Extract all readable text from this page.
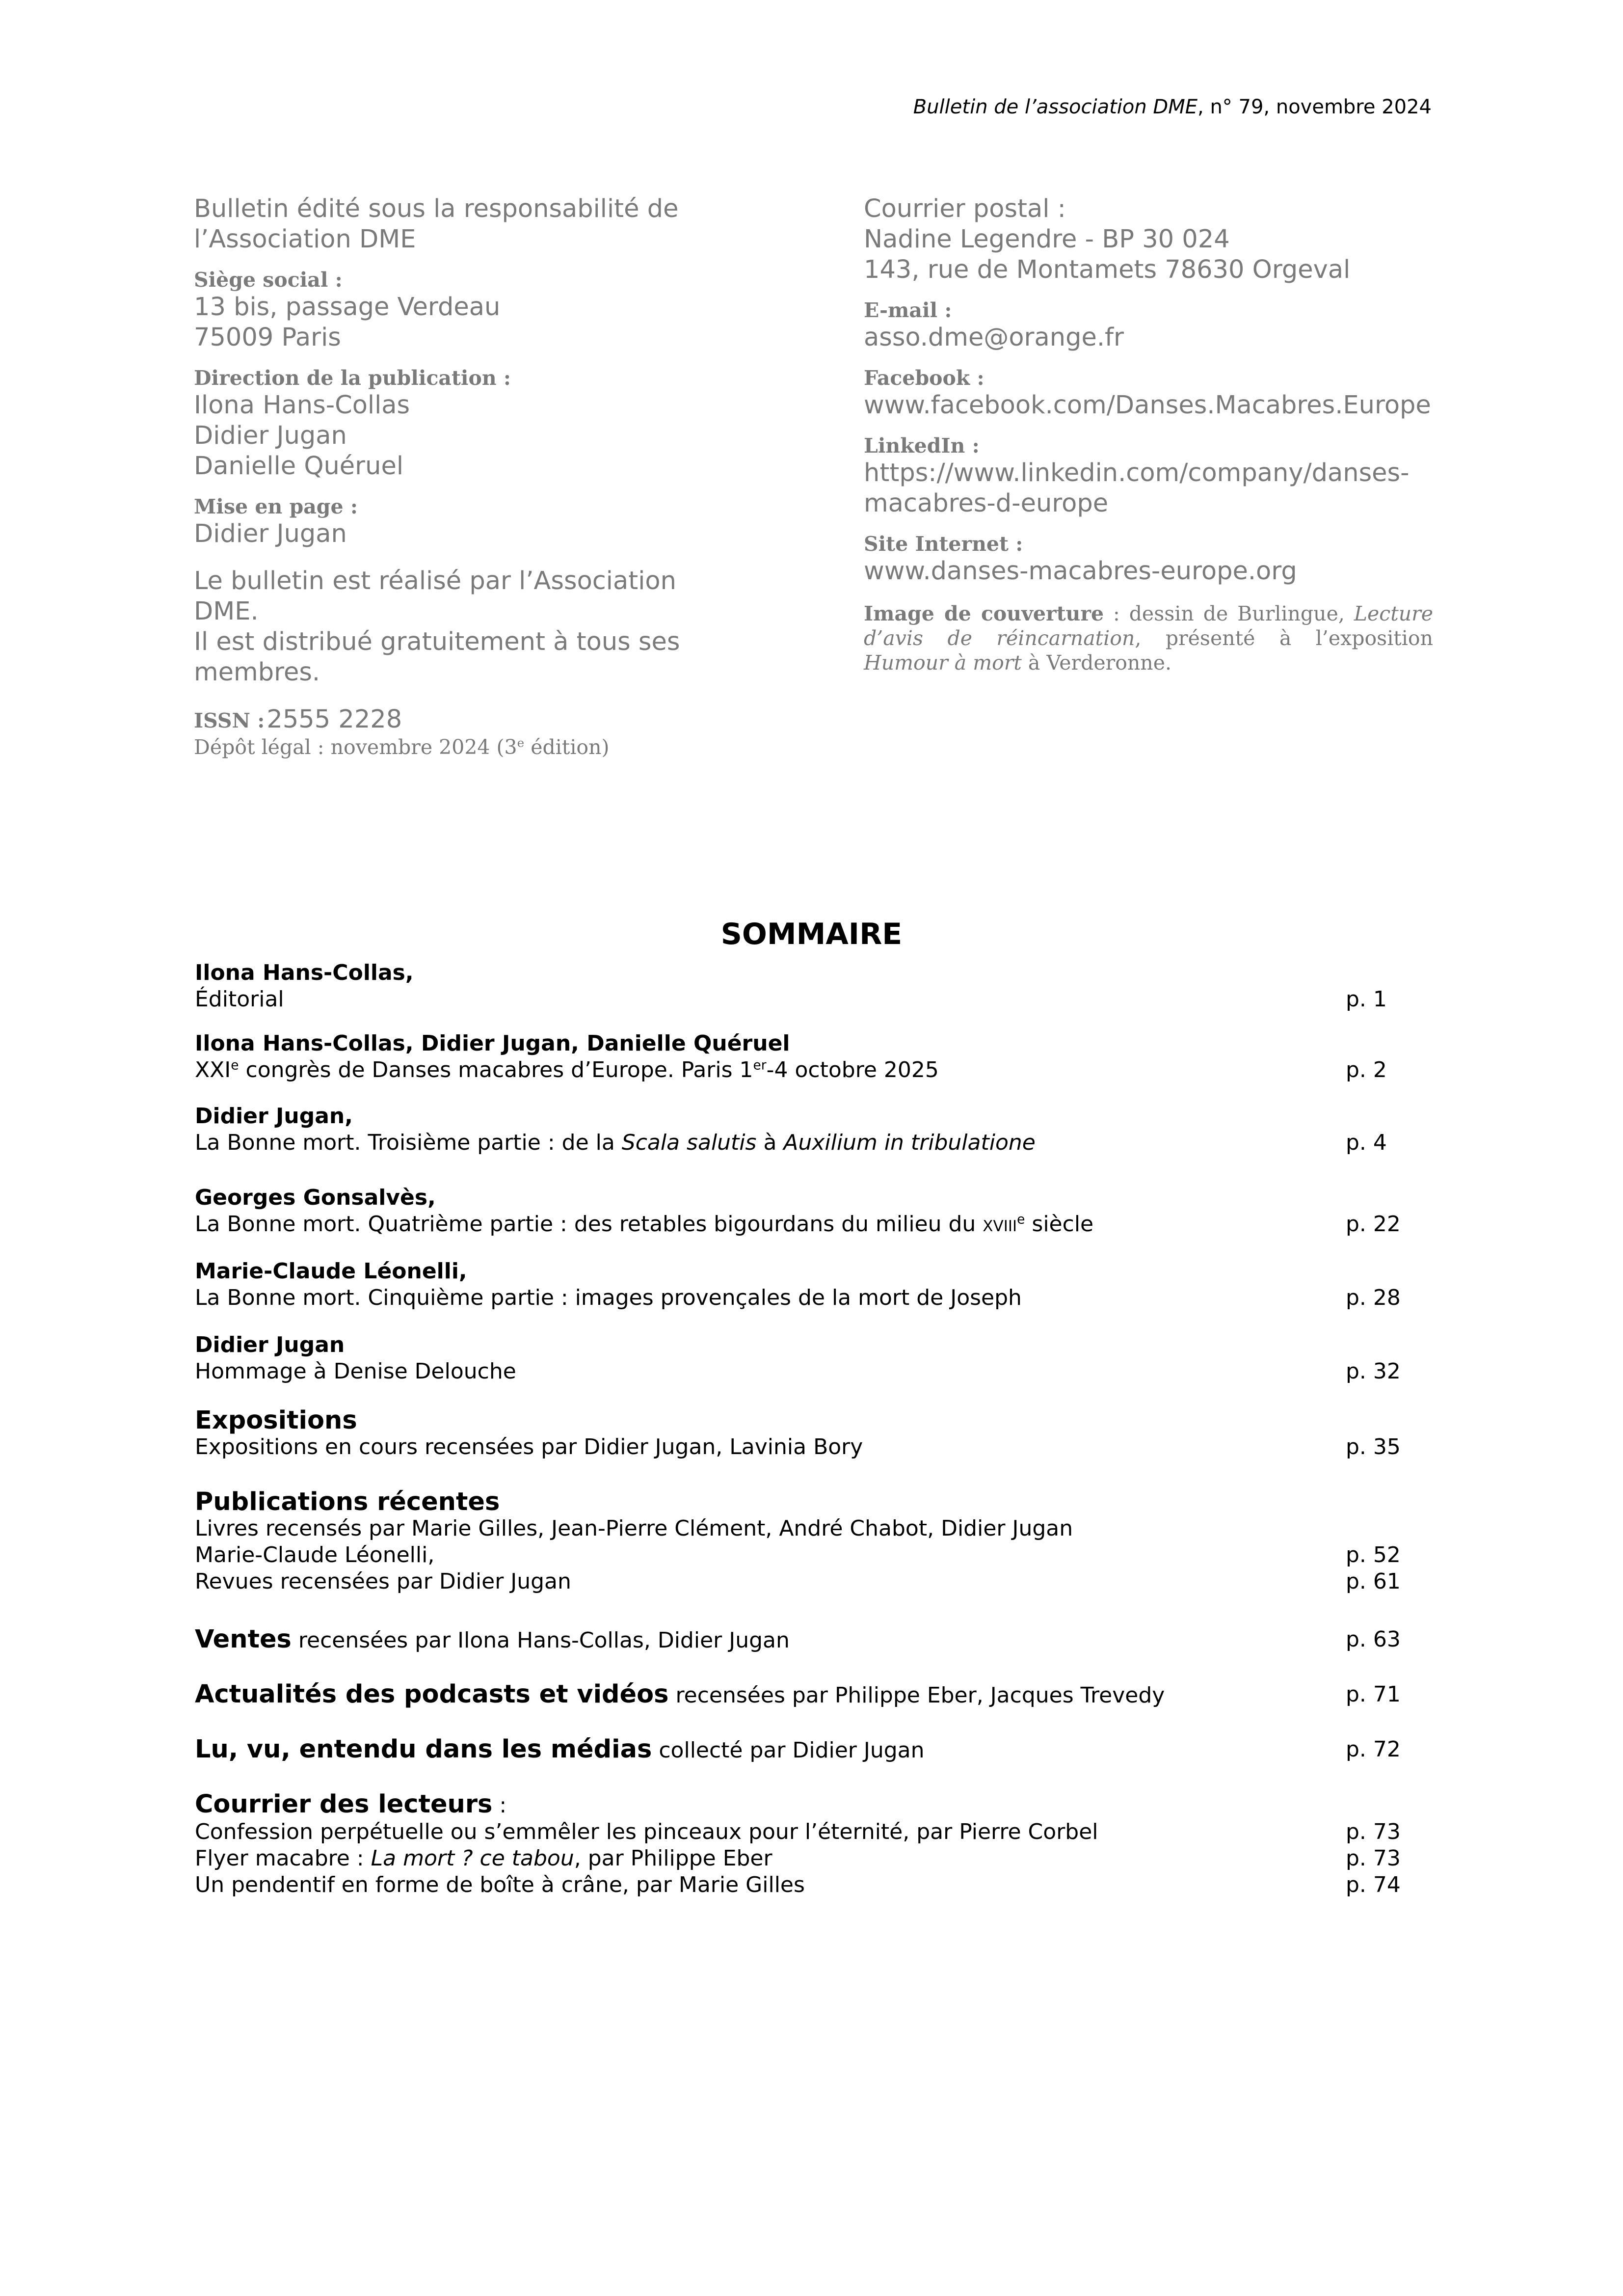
Bulletin de l’association DME, n° 79, novembre 2024
Bulletin édité sous la responsabilité de
l’Association DME
Siège social :
13 bis, passage Verdeau
75009 Paris
Direction de la publication :
Ilona Hans-Collas
Didier Jugan
Danielle Quéruel
Mise en page :
Didier Jugan
Le bulletin est réalisé par l’Association DME.
Il est distribué gratuitement à tous ses
membres.
ISSN : 2555 2228
Dépôt légal : novembre 2024 (3e édition)
Courrier postal :
Nadine Legendre - BP 30 024
143, rue de Montamets 78630 Orgeval
E-mail :
asso.dme@orange.fr
Facebook :
www.facebook.com/Danses.Macabres.Europe
LinkedIn :
https://www.linkedin.com/company/danses-
macabres-d-europe
Site Internet :
www.danses-macabres-europe.org
Image de couverture : dessin de Burlingue, Lecture d’avis de réincarnation, présenté à l’exposition Humour à mort à Verderonne.
SOMMAIRE
Ilona Hans-Collas,
Éditorial	p. 1
Ilona Hans-Collas, Didier Jugan, Danielle Quéruel
XXIe congrès de Danses macabres d’Europe. Paris 1er-4 octobre 2025	p. 2
Didier Jugan,
La Bonne mort. Troisième partie : de la Scala salutis à Auxilium in tribulatione	p. 4
Georges Gonsalvès,
La Bonne mort. Quatrième partie : des retables bigourdans du milieu du xviii$^e$ siècle	p. 22
Marie-Claude Léonelli,
La Bonne mort. Cinquième partie : images provençales de la mort de Joseph	p. 28
Didier Jugan
Hommage à Denise Delouche	p. 32
Expositions
Expositions en cours recensées par Didier Jugan, Lavinia Bory	p. 35
Publications récentes
Livres recensés par Marie Gilles, Jean-Pierre Clément, André Chabot, Didier Jugan
Marie-Claude Léonelli,	p. 52
Revues recensées par Didier Jugan	p. 61
Ventes recensées par Ilona Hans-Collas, Didier Jugan	p. 63
Actualités des podcasts et vidéos recensées par Philippe Eber, Jacques Trevedy	p. 71
Lu, vu, entendu dans les médias collecté par Didier Jugan	p. 72
Courrier des lecteurs :
Confession perpétuelle ou s’emmêler les pinceaux pour l’éternité, par Pierre Corbel	p. 73
Flyer macabre : La mort ? ce tabou, par Philippe Eber	p. 73
Un pendentif en forme de boîte à crâne, par Marie Gilles	p. 74
